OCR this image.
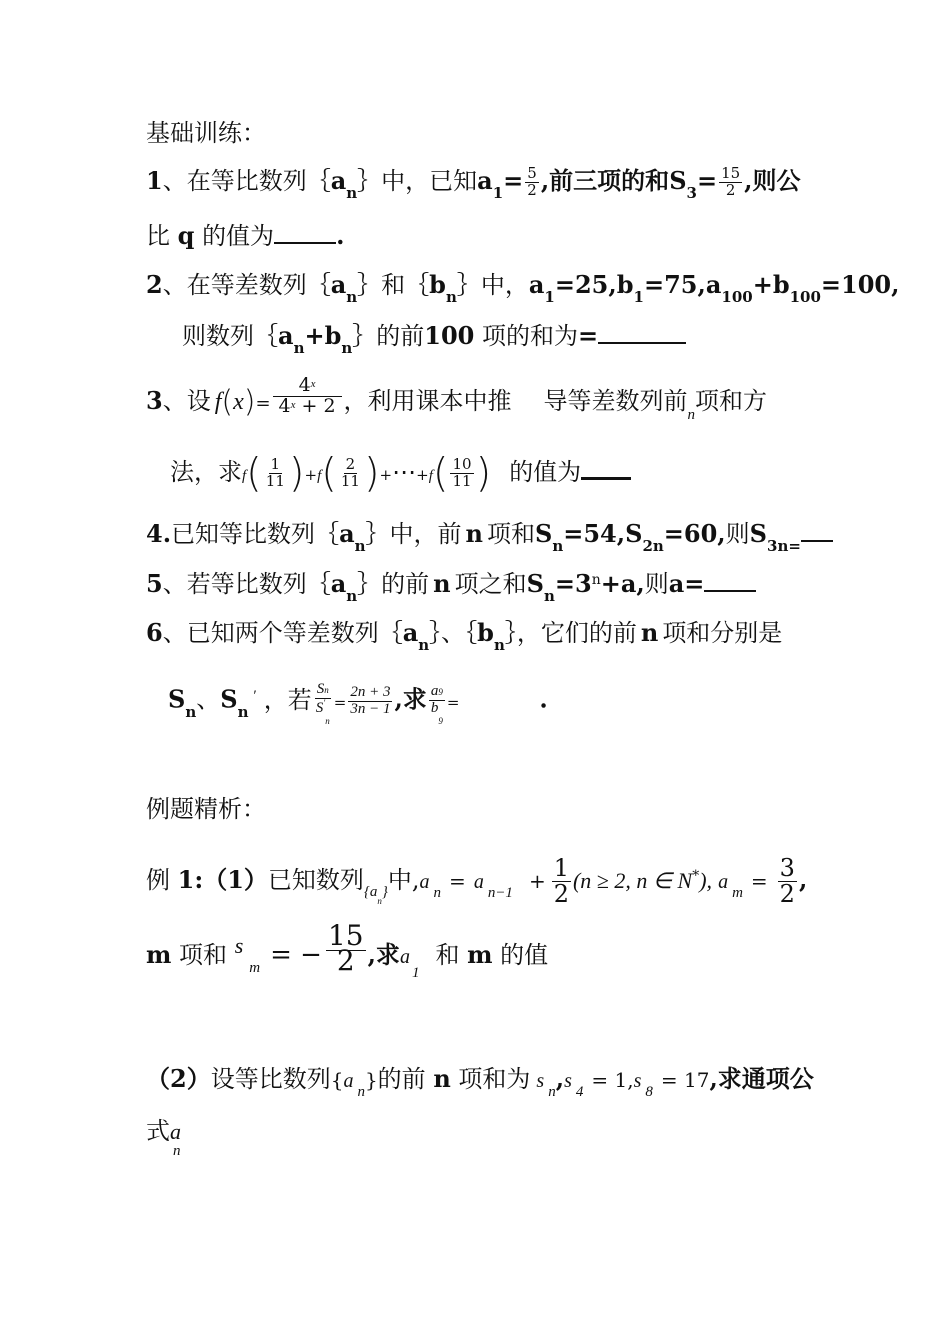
基础训练：
1、在等比数列$\{a_n\}$中，已知$a_1= \frac{5}{2}$ ,前三项的和$S_3= \frac{15}{2}$ ,则公
比 q 的值为	.
2、在等差数列$\{a_n\}$和$\{b_n\}$中，$a_1=25,b_1=75,a_{100}+b_{100}=100$,
则数列$\{a_n+b_n\}$的前100 项的和为=
3、设 $f(x)= \frac{4^x}{4^x + 2}$ ，利用课本中推 导等差数列前$_n$项和方
法，求$f( \frac{1}{11} )+f( \frac{2}{11}$ )+⋯+f( $\frac{10}{11}$ ) 的值为
4.已知等比数列$\{a_n\}$中，前 n 项和$S_n=54,S_{2n}=60$,则$S_{3n=}$
5、若等比数列$\{a_n\}$的前 n 项之和$S_n=3^n+a$,则a=
6、已知两个等差数列$\{a_n\}$、$\{b_n\}$，它们的前 n 项和分别是
$S_n$、$S_n'$ ，若 $\frac{Sn}{S'_n} = \frac{2n + 3}{3n - 1}$ ,求 $\frac{a9}{b_9}$ =	.
例题精析：
例 1:（1）已知数列$_{\{a_n\}}$中,a $_n$ = a $_{n-1} + \frac{1}{2} (n \ge 2$, n ∈ N*), a $_m = \frac{3}{2}$ ,
m 项和 $s_m$ = − $\frac{15}{2}$ ,求$a_1$和 m 的值
（2）设等比数列{a $_n$}的前 n 项和为 s $_n$,s $_4$ = 1,s $_8$ = 17,求通项公
式$a_n$
